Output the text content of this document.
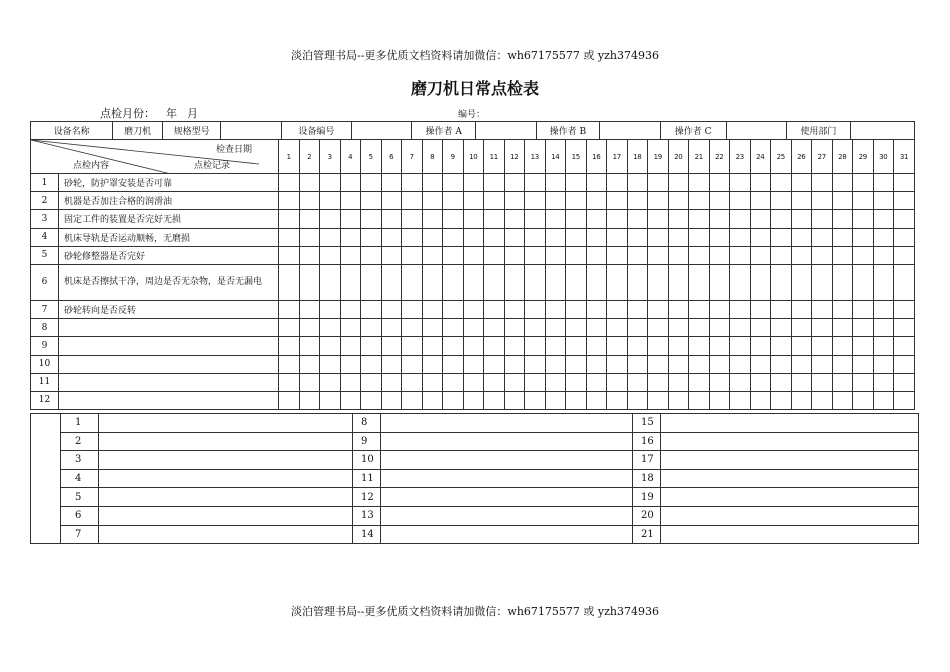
淡泊管理书局--更多优质文档资料请加微信：wh67175577 或 yzh374936
磨刀机日常点检表
点检月份： 年 月	编号：
设备名称	磨刀机	规格型号		设备编号		操作者 A		操作者 B		操作者 C		使用部门	

检查日期
点检内容	点检记录
	1	2	3	4	5	6	7	8	9	10	11	12	13	14	15	16	17	18	19	20	21	22	23	24	25	26	27	28	29	30	31
1	砂轮，防护罩安装是否可靠																															
2	机器是否加注合格的润滑油																															
3	固定工件的装置是否完好无损																															
4	机床导轨是否运动顺畅，无磨损																															
5	砂轮修整器是否完好																															
6	机床是否擦拭干净，周边是否无杂物，是否无漏电																															
7	砂轮转向是否反转																															
8																																
9																																
10																																
11																																
12																																
	1		8		15	
	2		9		16	
	3		10		17	
	4		11		18	
	5		12		19	
	6		13		20	
	7		14		21	
淡泊管理书局--更多优质文档资料请加微信：wh67175577 或 yzh374936
